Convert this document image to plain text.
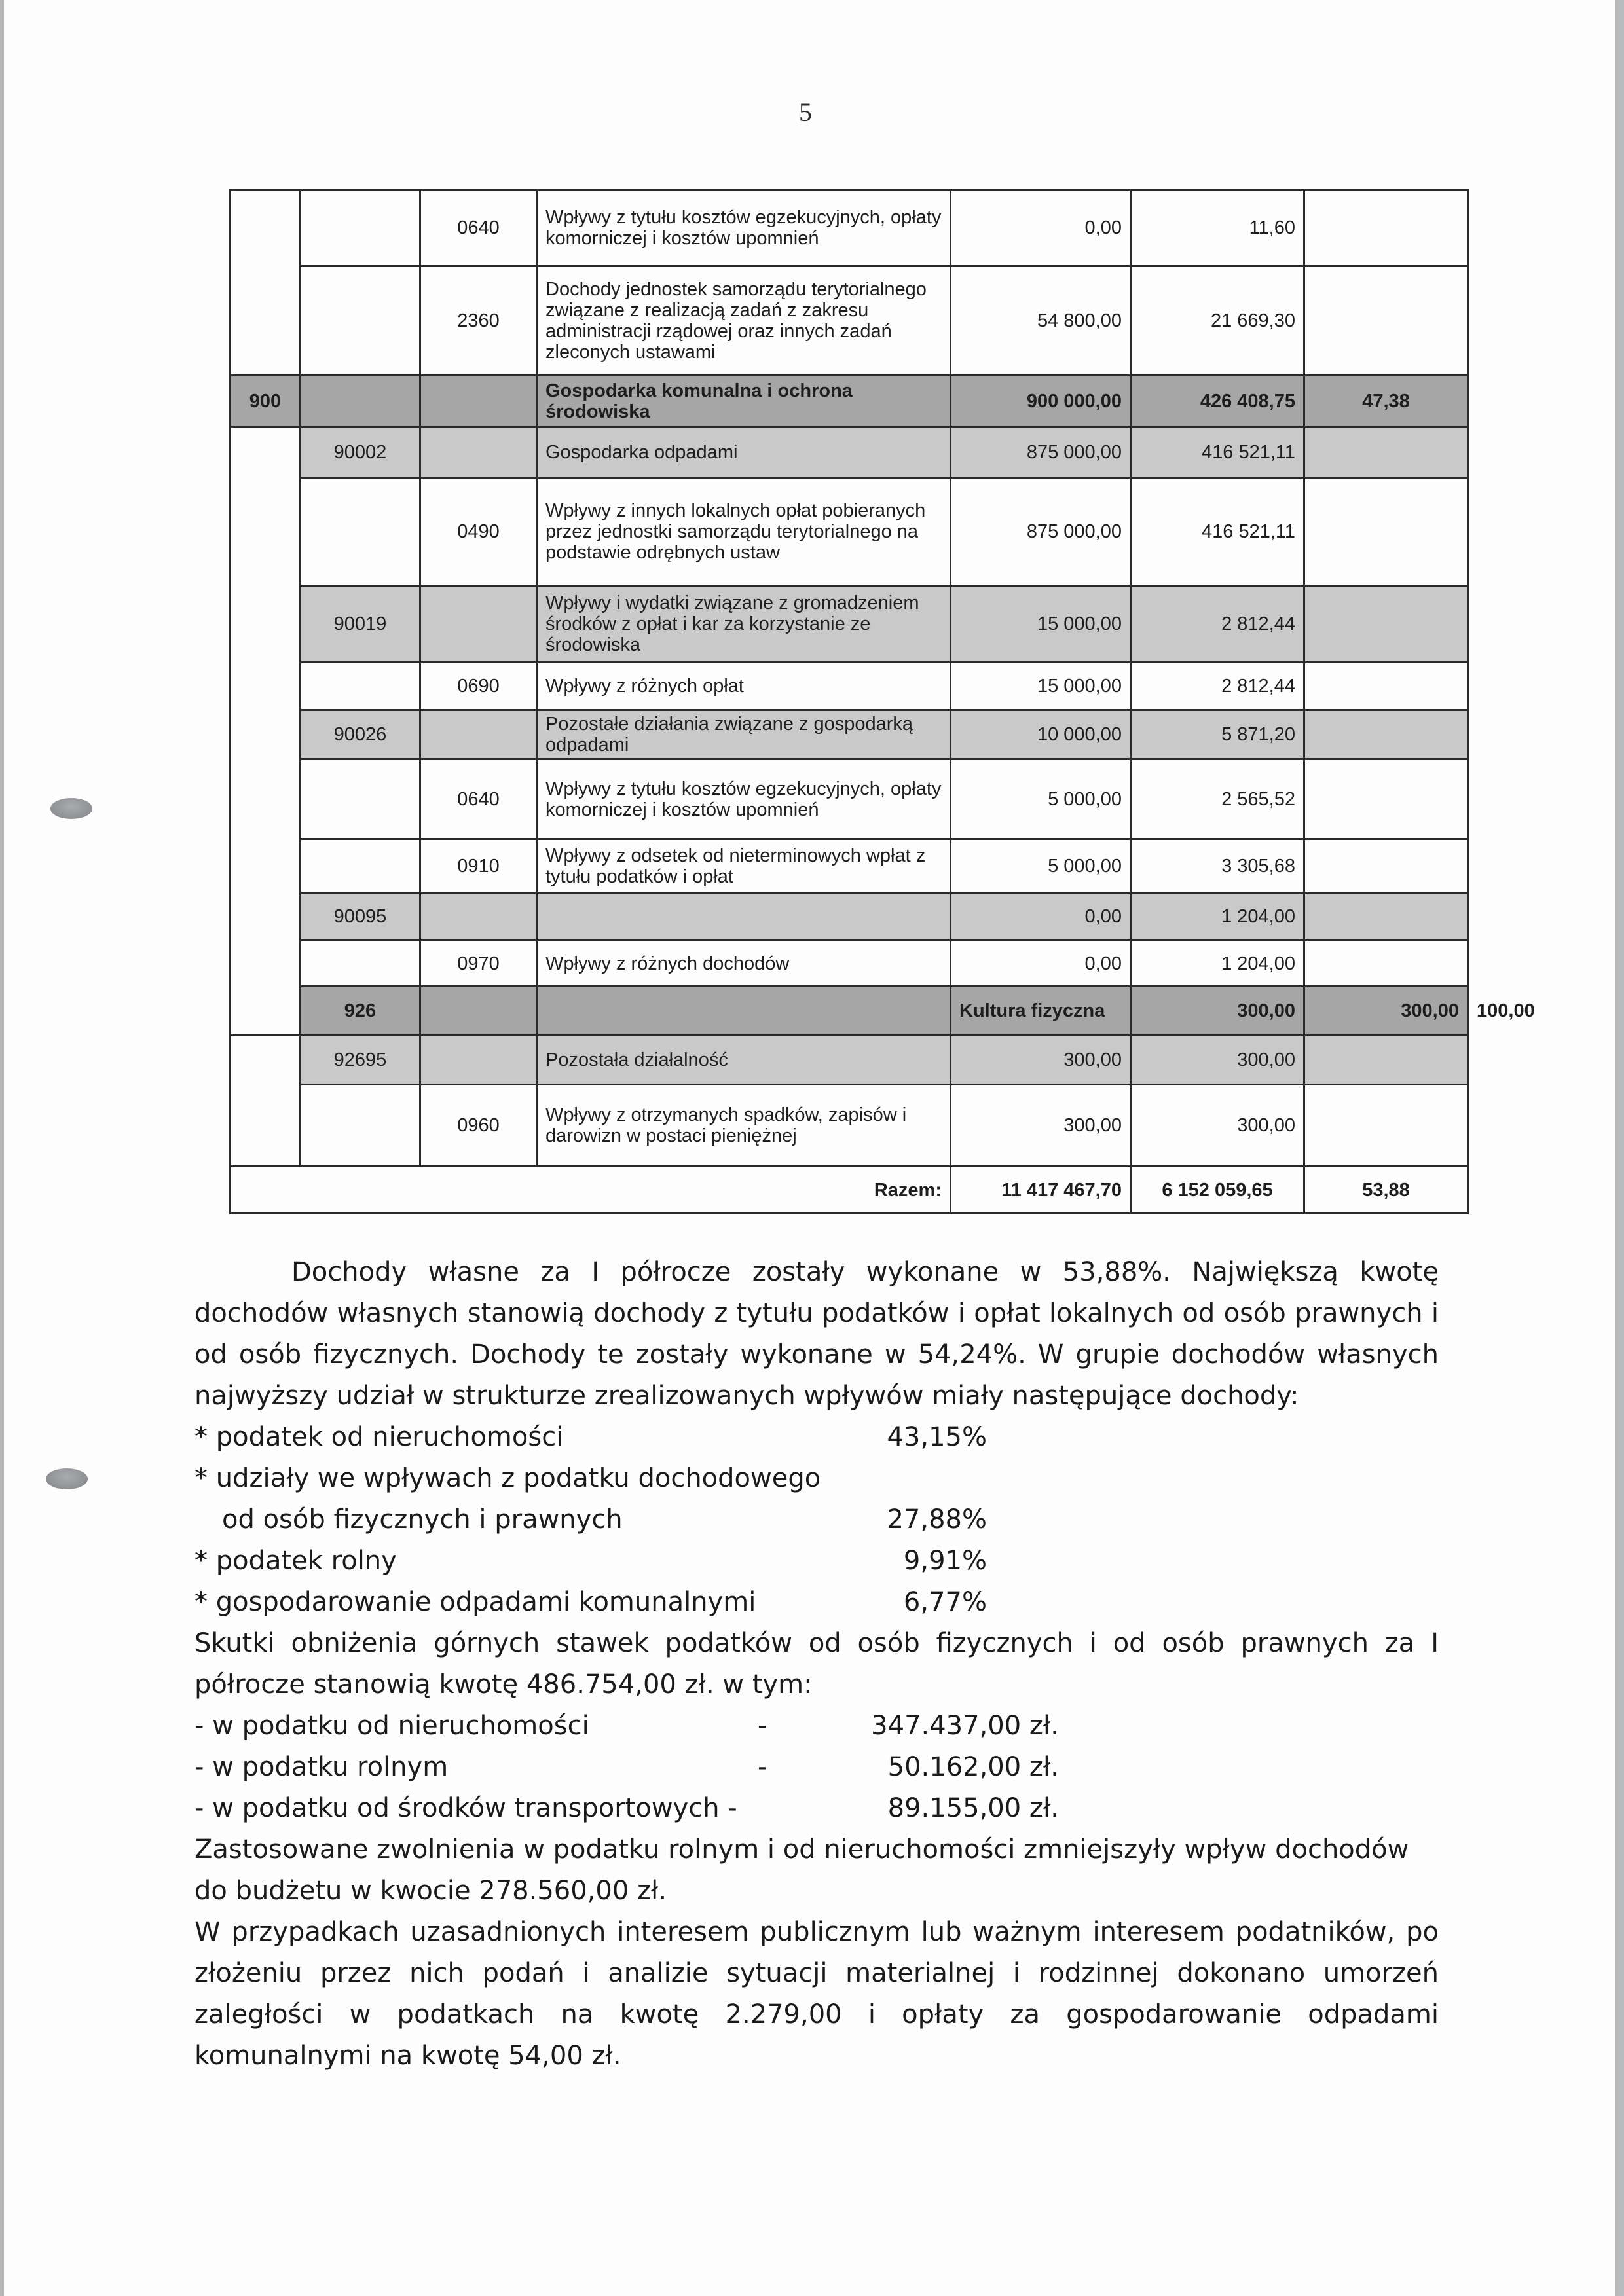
5
		0640	Wpływy z tytułu kosztów egzekucyjnych, opłaty komorniczej i kosztów upomnień	0,00	11,60		
		2360	Dochody jednostek samorządu terytorialnego związane z realizacją zadań z zakresu administracji rządowej oraz innych zadań zleconych ustawami	54 800,00	21 669,30		
900			Gospodarka komunalna i ochrona środowiska	900 000,00	426 408,75	47,38	
	90002		Gospodarka odpadami	875 000,00	416 521,11		
		0490	Wpływy z innych lokalnych opłat pobieranych przez jednostki samorządu terytorialnego na podstawie odrębnych ustaw	875 000,00	416 521,11		
	90019		Wpływy i wydatki związane z gromadzeniem środków z opłat i kar za korzystanie ze środowiska	15 000,00	2 812,44		
		0690	Wpływy z różnych opłat	15 000,00	2 812,44		
	90026		Pozostałe działania związane z gospodarką odpadami	10 000,00	5 871,20		
		0640	Wpływy z tytułu kosztów egzekucyjnych, opłaty komorniczej i kosztów upomnień	5 000,00	2 565,52		
		0910	Wpływy z odsetek od nieterminowych wpłat z tytułu podatków i opłat	5 000,00	3 305,68		
	90095			0,00	1 204,00		
		0970	Wpływy z różnych dochodów	0,00	1 204,00		
	926			Kultura fizyczna	300,00	300,00	100,00
	92695		Pozostała działalność	300,00	300,00		
		0960	Wpływy z otrzymanych spadków, zapisów i darowizn w postaci pieniężnej	300,00	300,00		
Razem:				11 417 467,70	6 152 059,65	53,88	
Dochody własne za I półrocze zostały wykonane w 53,88%. Największą kwotę dochodów własnych stanowią dochody z tytułu podatków i opłat lokalnych od osób prawnych i od osób fizycznych. Dochody te zostały wykonane w 54,24%. W grupie dochodów własnych najwyższy udział w strukturze zrealizowanych wpływów miały następujące dochody:
* podatek od nieruchomości	43,15%
* udziały we wpływach z podatku dochodowego
od osób fizycznych i prawnych	27,88%
* podatek rolny	9,91%
* gospodarowanie odpadami komunalnymi	6,77%
Skutki obniżenia górnych stawek podatków od osób fizycznych i od osób prawnych za I półrocze stanowią kwotę 486.754,00 zł. w tym:
- w podatku od nieruchomości	-	347.437,00 zł.
- w podatku rolnym	-	50.162,00 zł.
- w podatku od środków transportowych -	89.155,00 zł.
Zastosowane zwolnienia w podatku rolnym i od nieruchomości zmniejszyły wpływ dochodów do budżetu w kwocie 278.560,00 zł.
W przypadkach uzasadnionych interesem publicznym lub ważnym interesem podatników, po złożeniu przez nich podań i analizie sytuacji materialnej i rodzinnej dokonano umorzeń zaległości w podatkach na kwotę 2.279,00 i opłaty za gospodarowanie odpadami komunalnymi na kwotę 54,00 zł.
